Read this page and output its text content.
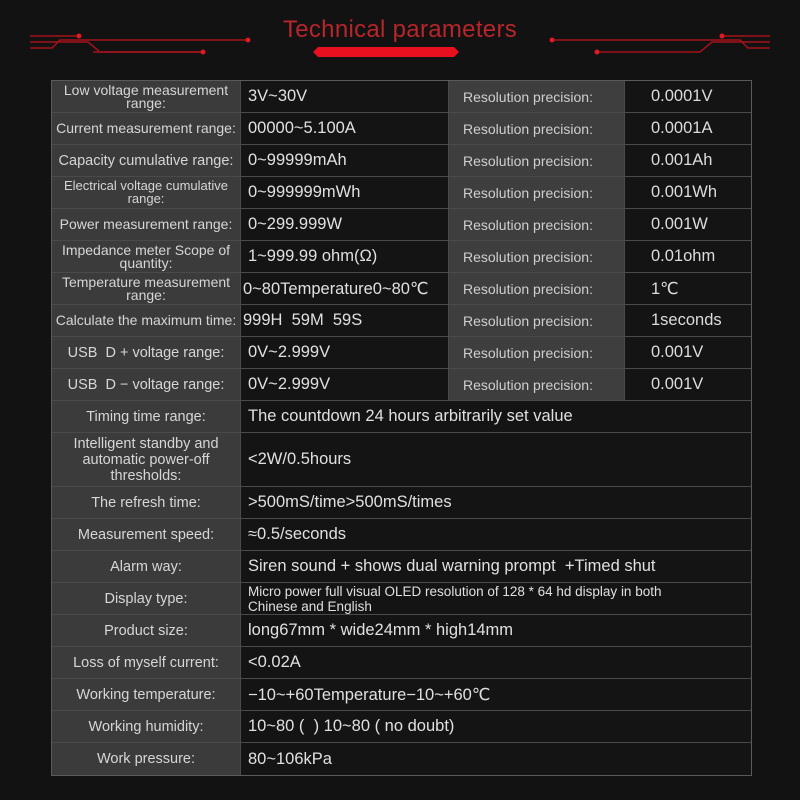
Technical parameters
Low voltage measurement range:	3V~30V	Resolution precision:	0.0001V
Current measurement range: 00000~5.100A	Resolution precision:	0.0001A
Capacity cumulative range: 0~99999mAh	Resolution precision:	0.001Ah
Electrical voltage cumulative range:	0~999999mWh	Resolution precision:	0.001Wh
Power measurement range: 0~299.999W	Resolution precision:	0.001W
Impedance meter Scope of quantity:	1~999.99 ohm(Ω)	Resolution precision:	0.01ohm
Temperature measurement range:	0~80Temperature0~80℃	Resolution precision:	1℃
Calculate the maximum time: 999H  59M  59S	Resolution precision:	1seconds
USB  D + voltage range:	0V~2.999V	Resolution precision:	0.001V
USB  D − voltage range:	0V~2.999V	Resolution precision:	0.001V
Timing time range:	The countdown 24 hours arbitrarily set value
Intelligent standby and automatic power-off thresholds:
<2W/0.5hours
The refresh time:	>500mS/time>500mS/times
Measurement speed:	≈0.5/seconds
Alarm way:	Siren sound + shows dual warning prompt  +Timed shut
Display type:	Micro power full visual OLED resolution of 128 * 64 hd display in both Chinese and English
Product size:	long67mm * wide24mm * high14mm
Loss of myself current:	<0.02A
Working temperature:	−10~+60Temperature−10~+60℃
Working humidity:	10~80 (  ) 10~80 ( no doubt)
Work pressure:	80~106kPa
